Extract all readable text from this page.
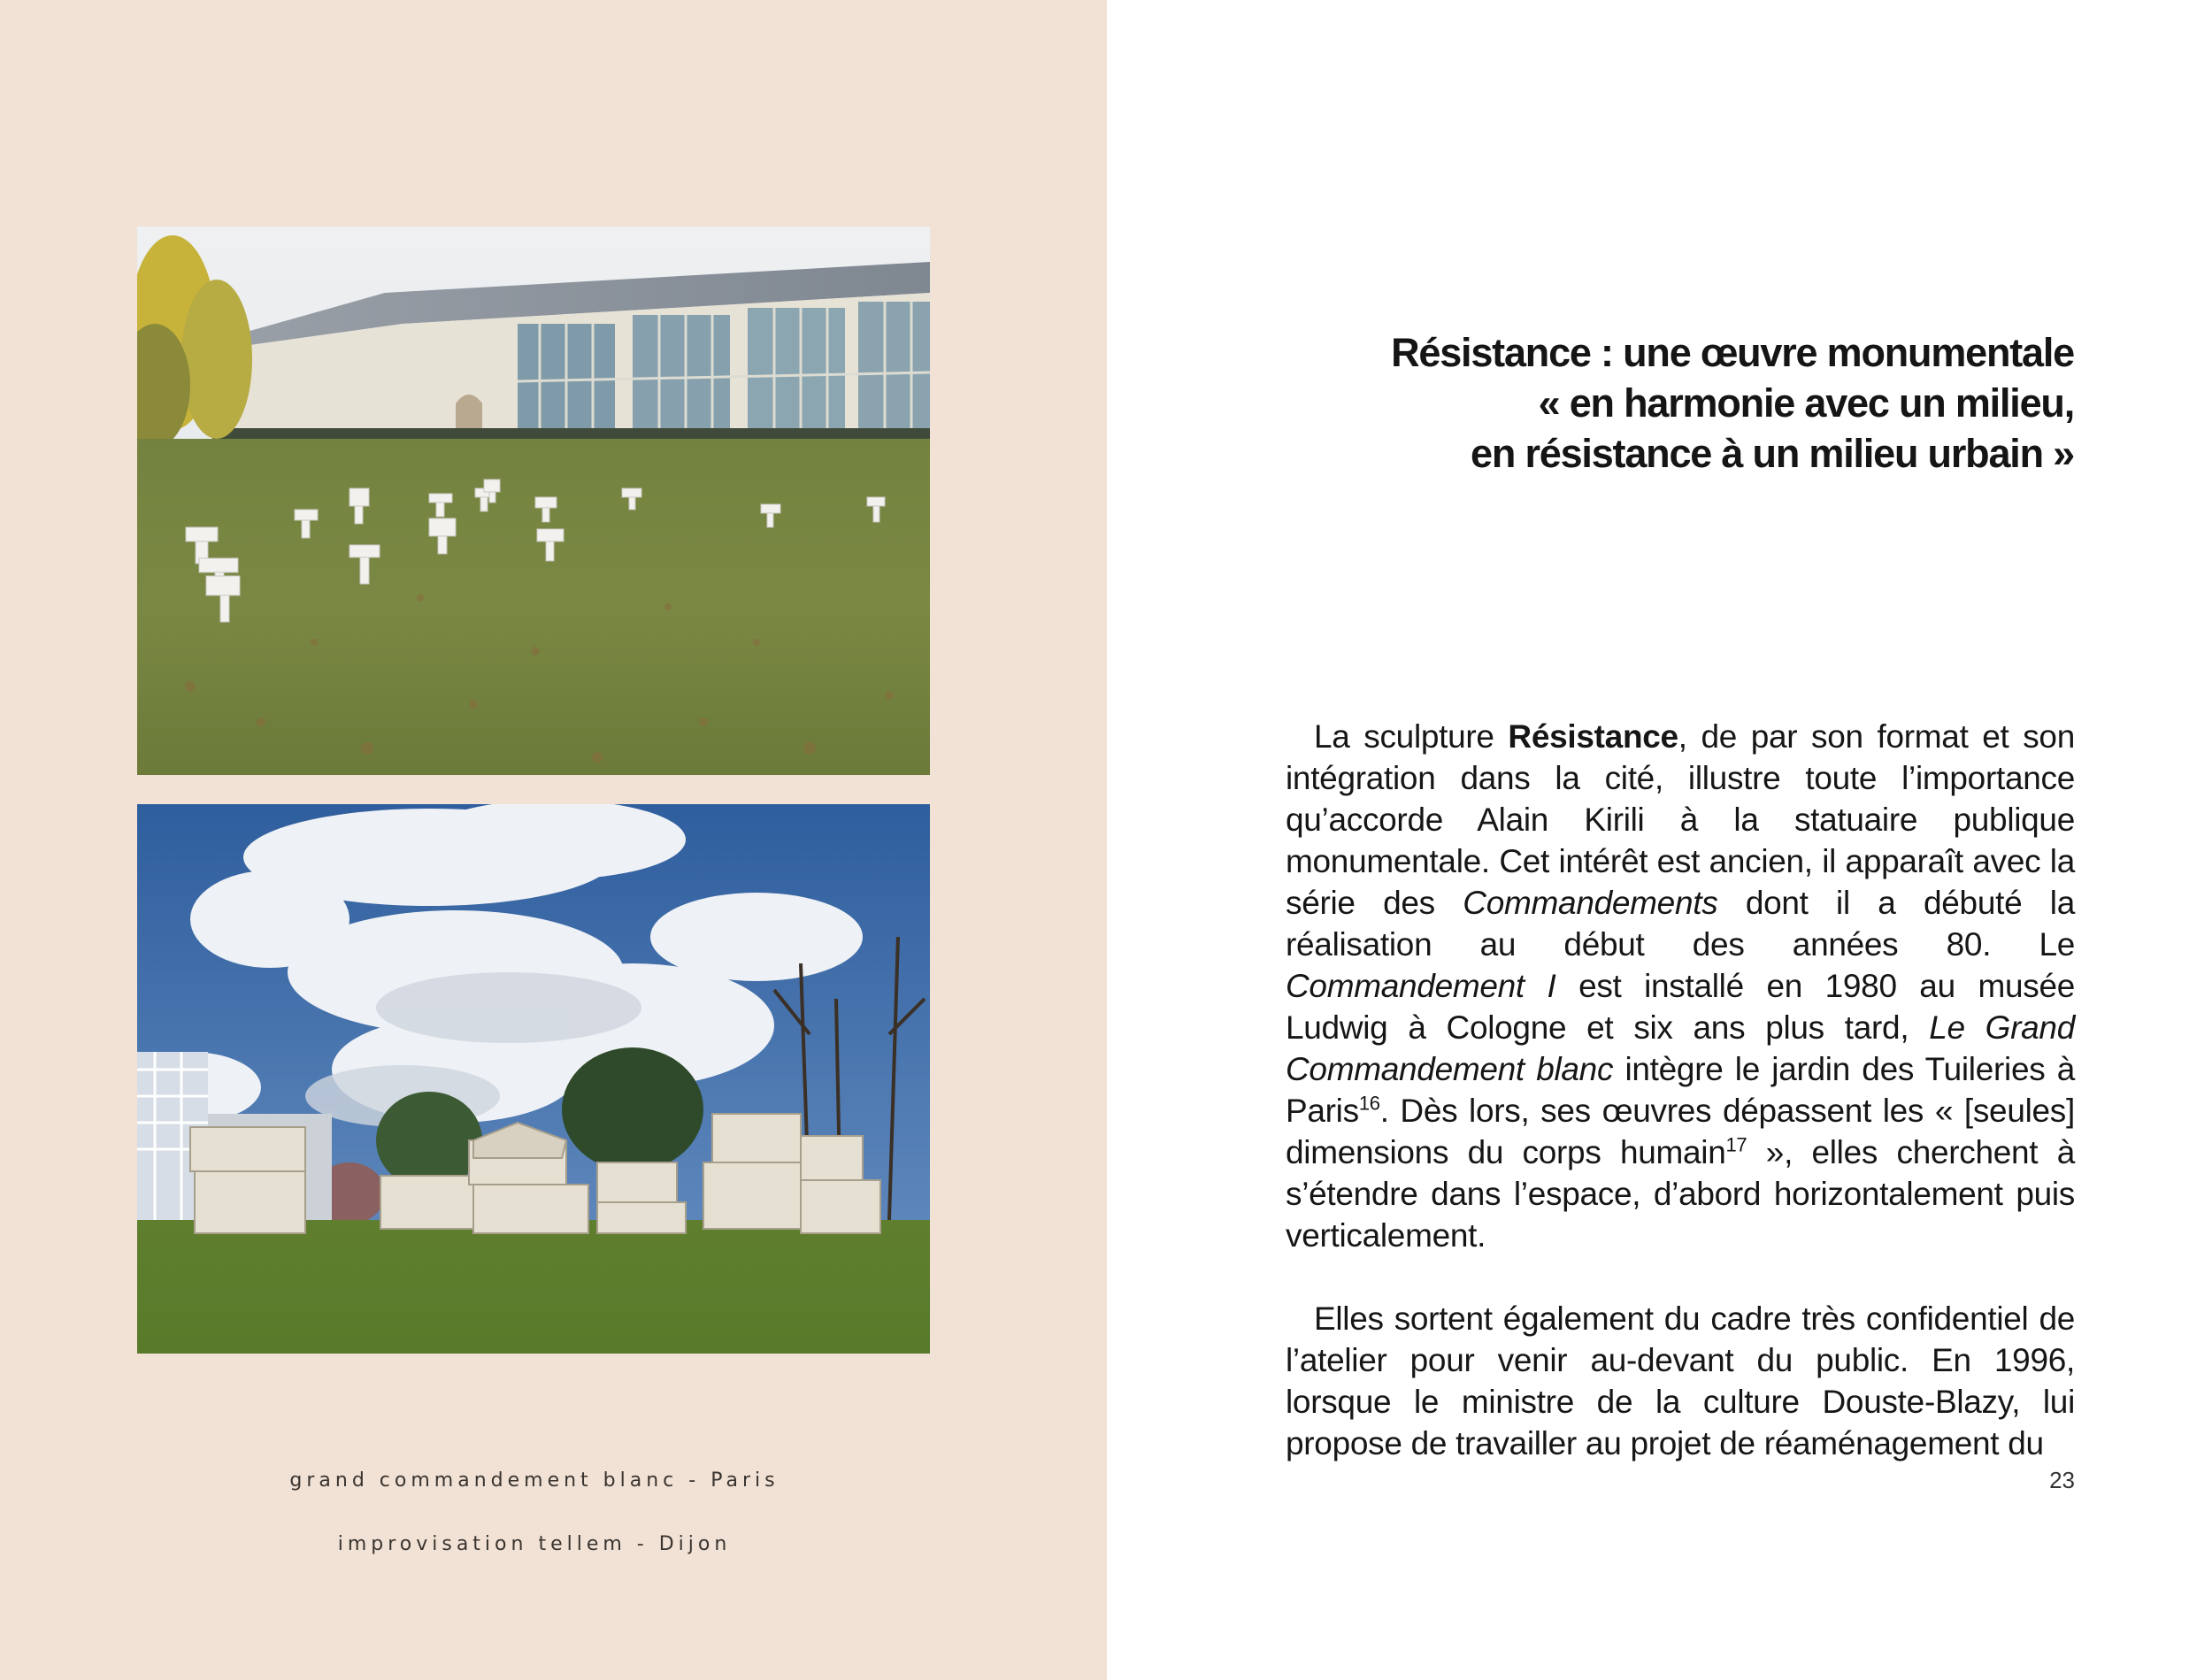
grand commandement blanc - Paris
improvisation tellem - Dijon
Résistance : une œuvre monumentale
« en harmonie avec un milieu,
en résistance à un milieu urbain »

La sculpture Résistance, de par son format et son intégration dans la cité, illustre toute l’importance qu’accorde Alain Kirili à la statuaire publique monumentale. Cet intérêt est ancien, il apparaît avec la série des Commandements dont il a débuté la réalisation au début des années 80. Le Commandement I est installé en 1980 au musée Ludwig à Cologne et six ans plus tard, Le Grand Commandement blanc intègre le jardin des Tuileries à Paris$^{16}$. Dès lors, ses œuvres dépassent les « [seules] dimensions du corps humain$^{17}$ », elles cherchent à s’étendre dans l’espace, d’abord horizontalement puis verticalement.

Elles sortent également du cadre très confidentiel de l’atelier pour venir au-devant du public. En 1996, lorsque le ministre de la culture Douste-Blazy, lui propose de travailler au projet de réaménagement du

23
